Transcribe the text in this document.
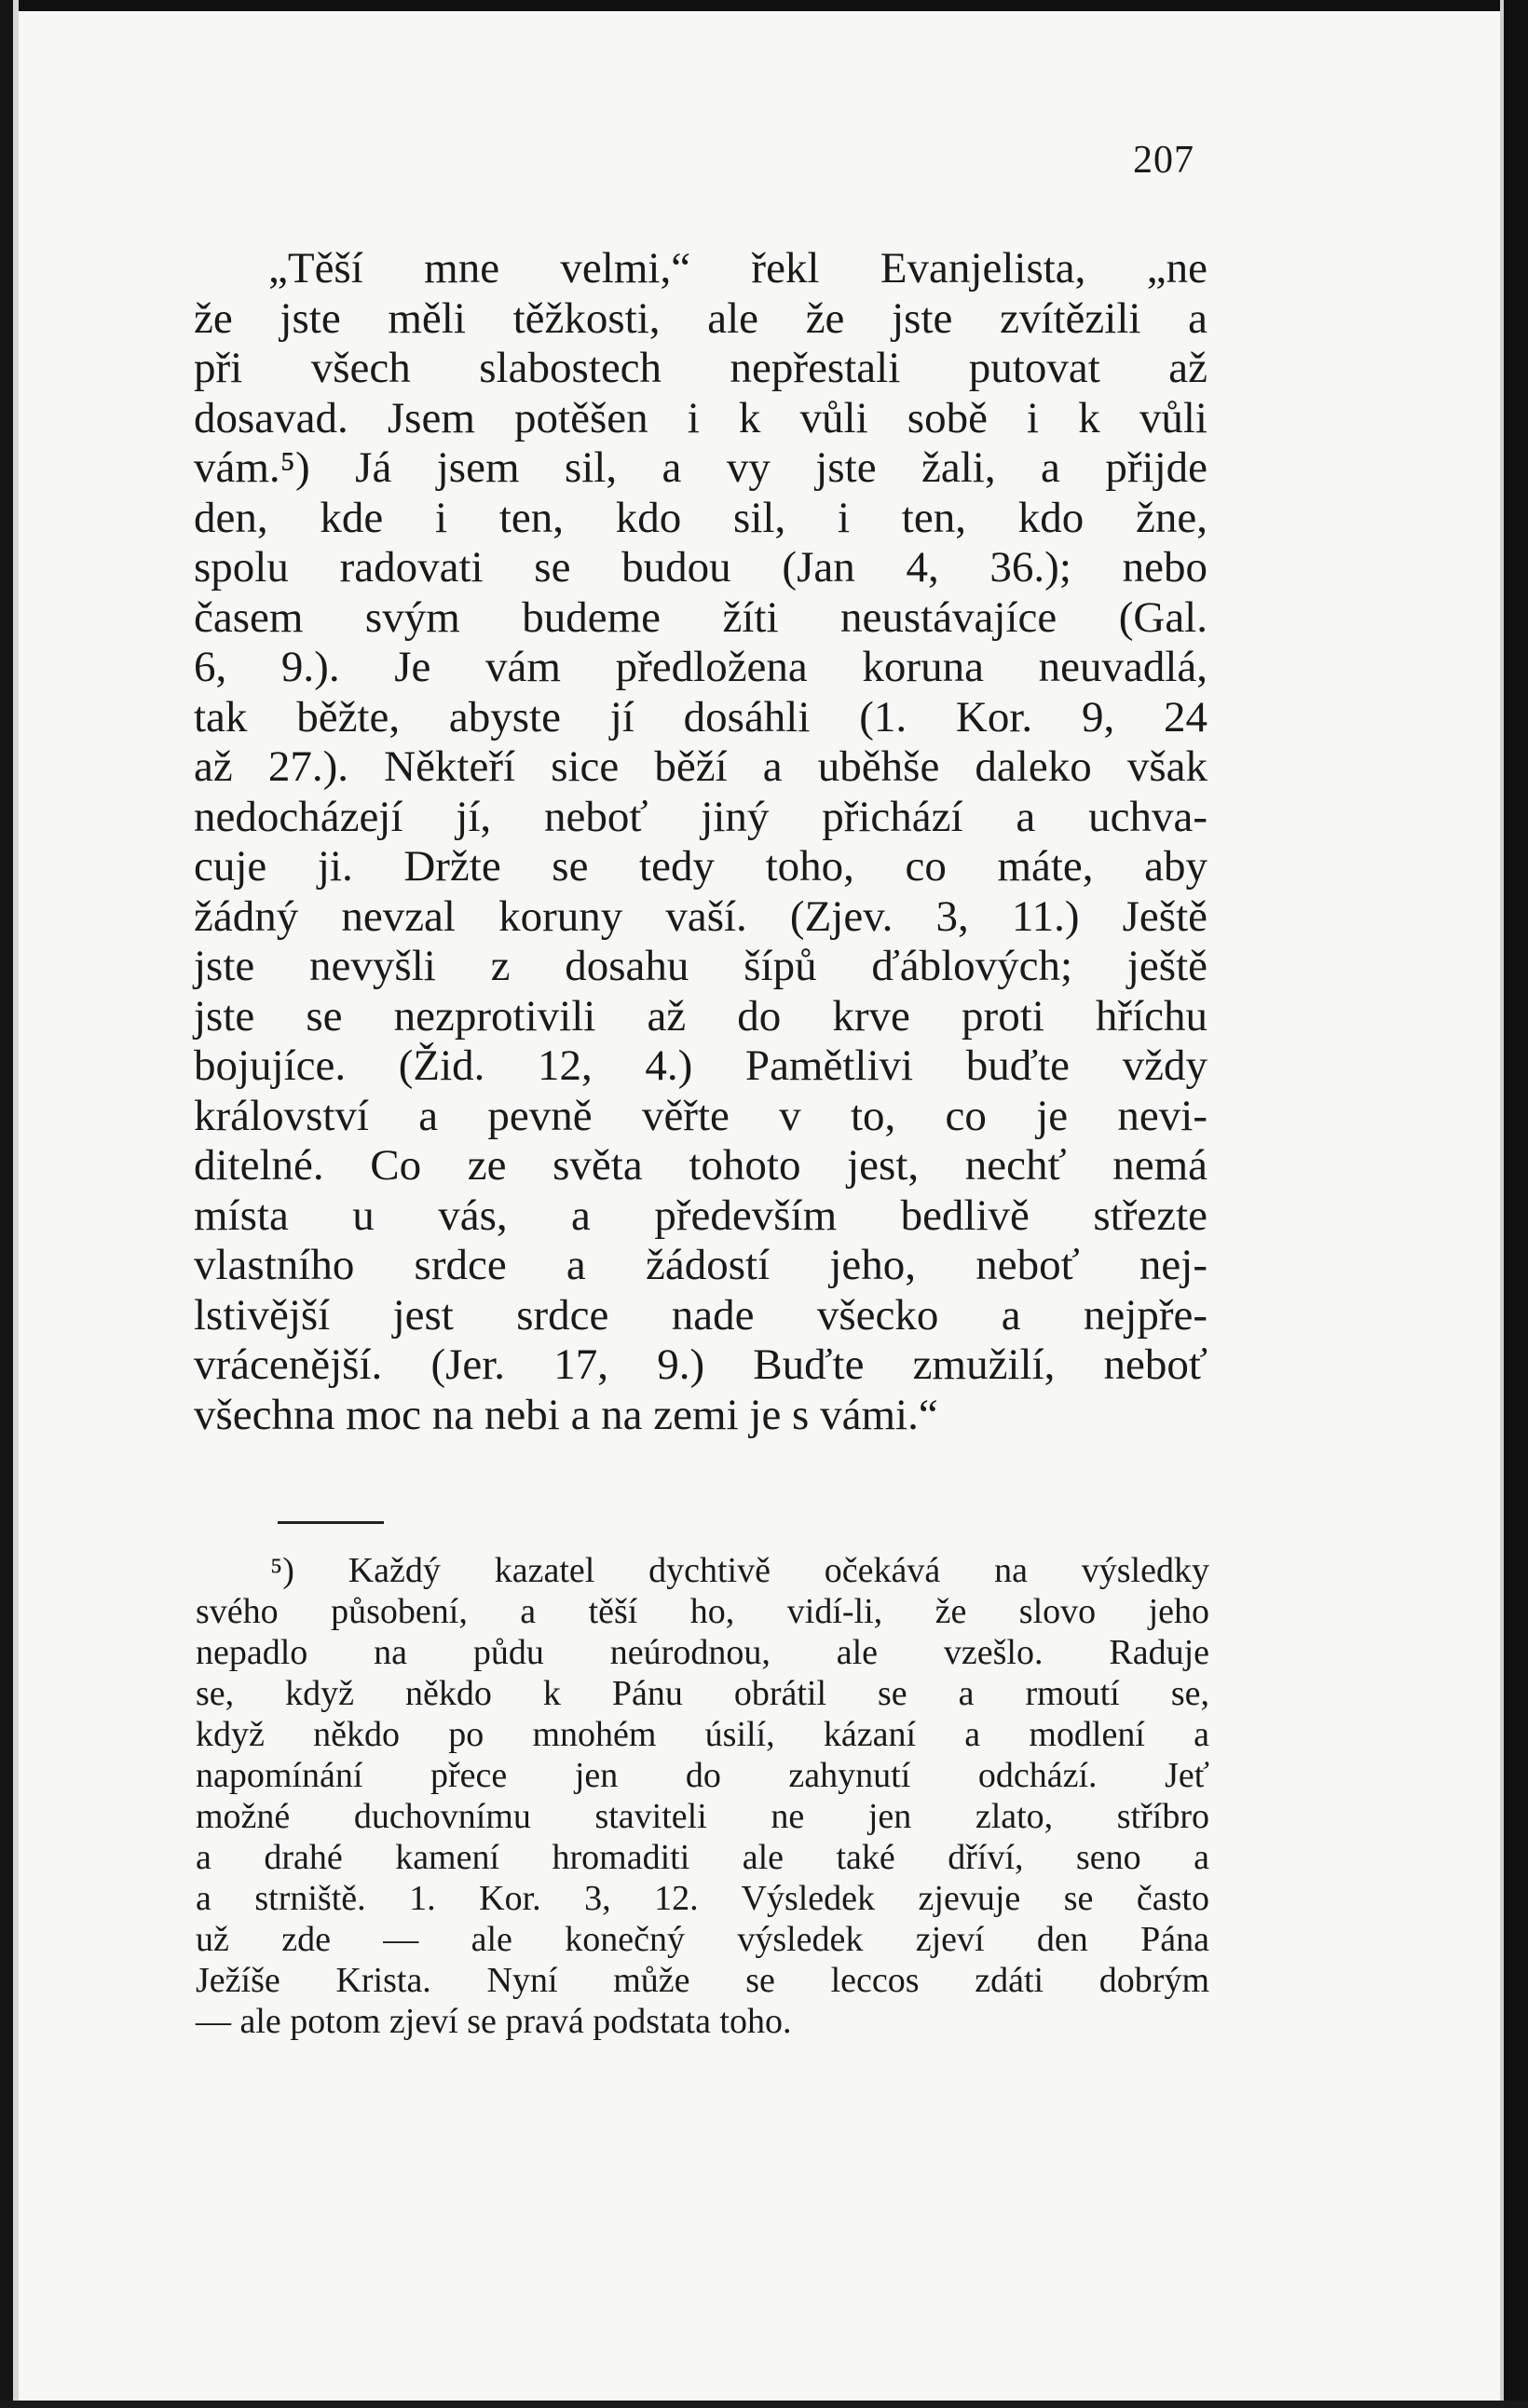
207
„Těší mne velmi,“ řekl Evanjelista, „ne
že jste měli těžkosti, ale že jste zvítězili a
při všech slabostech nepřestali putovat až
dosavad. Jsem potěšen i k vůli sobě i k vůli
vám.⁵) Já jsem sil, a vy jste žali, a přijde
den, kde i ten, kdo sil, i ten, kdo žne,
spolu radovati se budou (Jan 4, 36.); nebo
časem svým budeme žíti neustávajíce (Gal.
6, 9.). Je vám předložena koruna neuvadlá,
tak běžte, abyste jí dosáhli (1. Kor. 9, 24
až 27.). Někteří sice běží a uběhše daleko však
nedocházejí jí, neboť jiný přichází a uchva-
cuje ji. Držte se tedy toho, co máte, aby
žádný nevzal koruny vaší. (Zjev. 3, 11.) Ještě
jste nevyšli z dosahu šípů ďáblových; ještě
jste se nezprotivili až do krve proti hříchu
bojujíce. (Žid. 12, 4.) Pamětlivi buďte vždy
království a pevně věřte v to, co je nevi-
ditelné. Co ze světa tohoto jest, nechť nemá
místa u vás, a především bedlivě střezte
vlastního srdce a žádostí jeho, neboť nej-
lstivější jest srdce nade všecko a nejpře-
vrácenější. (Jer. 17, 9.) Buďte zmužilí, neboť
všechna moc na nebi a na zemi je s vámi.“
⁵) Každý kazatel dychtivě očekává na výsledky
svého působení, a těší ho, vidí-li, že slovo jeho
nepadlo na půdu neúrodnou, ale vzešlo. Raduje
se, když někdo k Pánu obrátil se a rmoutí se,
když někdo po mnohém úsilí, kázaní a modlení a
napomínání přece jen do zahynutí odchází. Jeť
možné duchovnímu staviteli ne jen zlato, stříbro
a drahé kamení hromaditi ale také dříví, seno a
a strniště. 1. Kor. 3, 12. Výsledek zjevuje se často
už zde — ale konečný výsledek zjeví den Pána
Ježíše Krista. Nyní může se leccos zdáti dobrým
— ale potom zjeví se pravá podstata toho.
